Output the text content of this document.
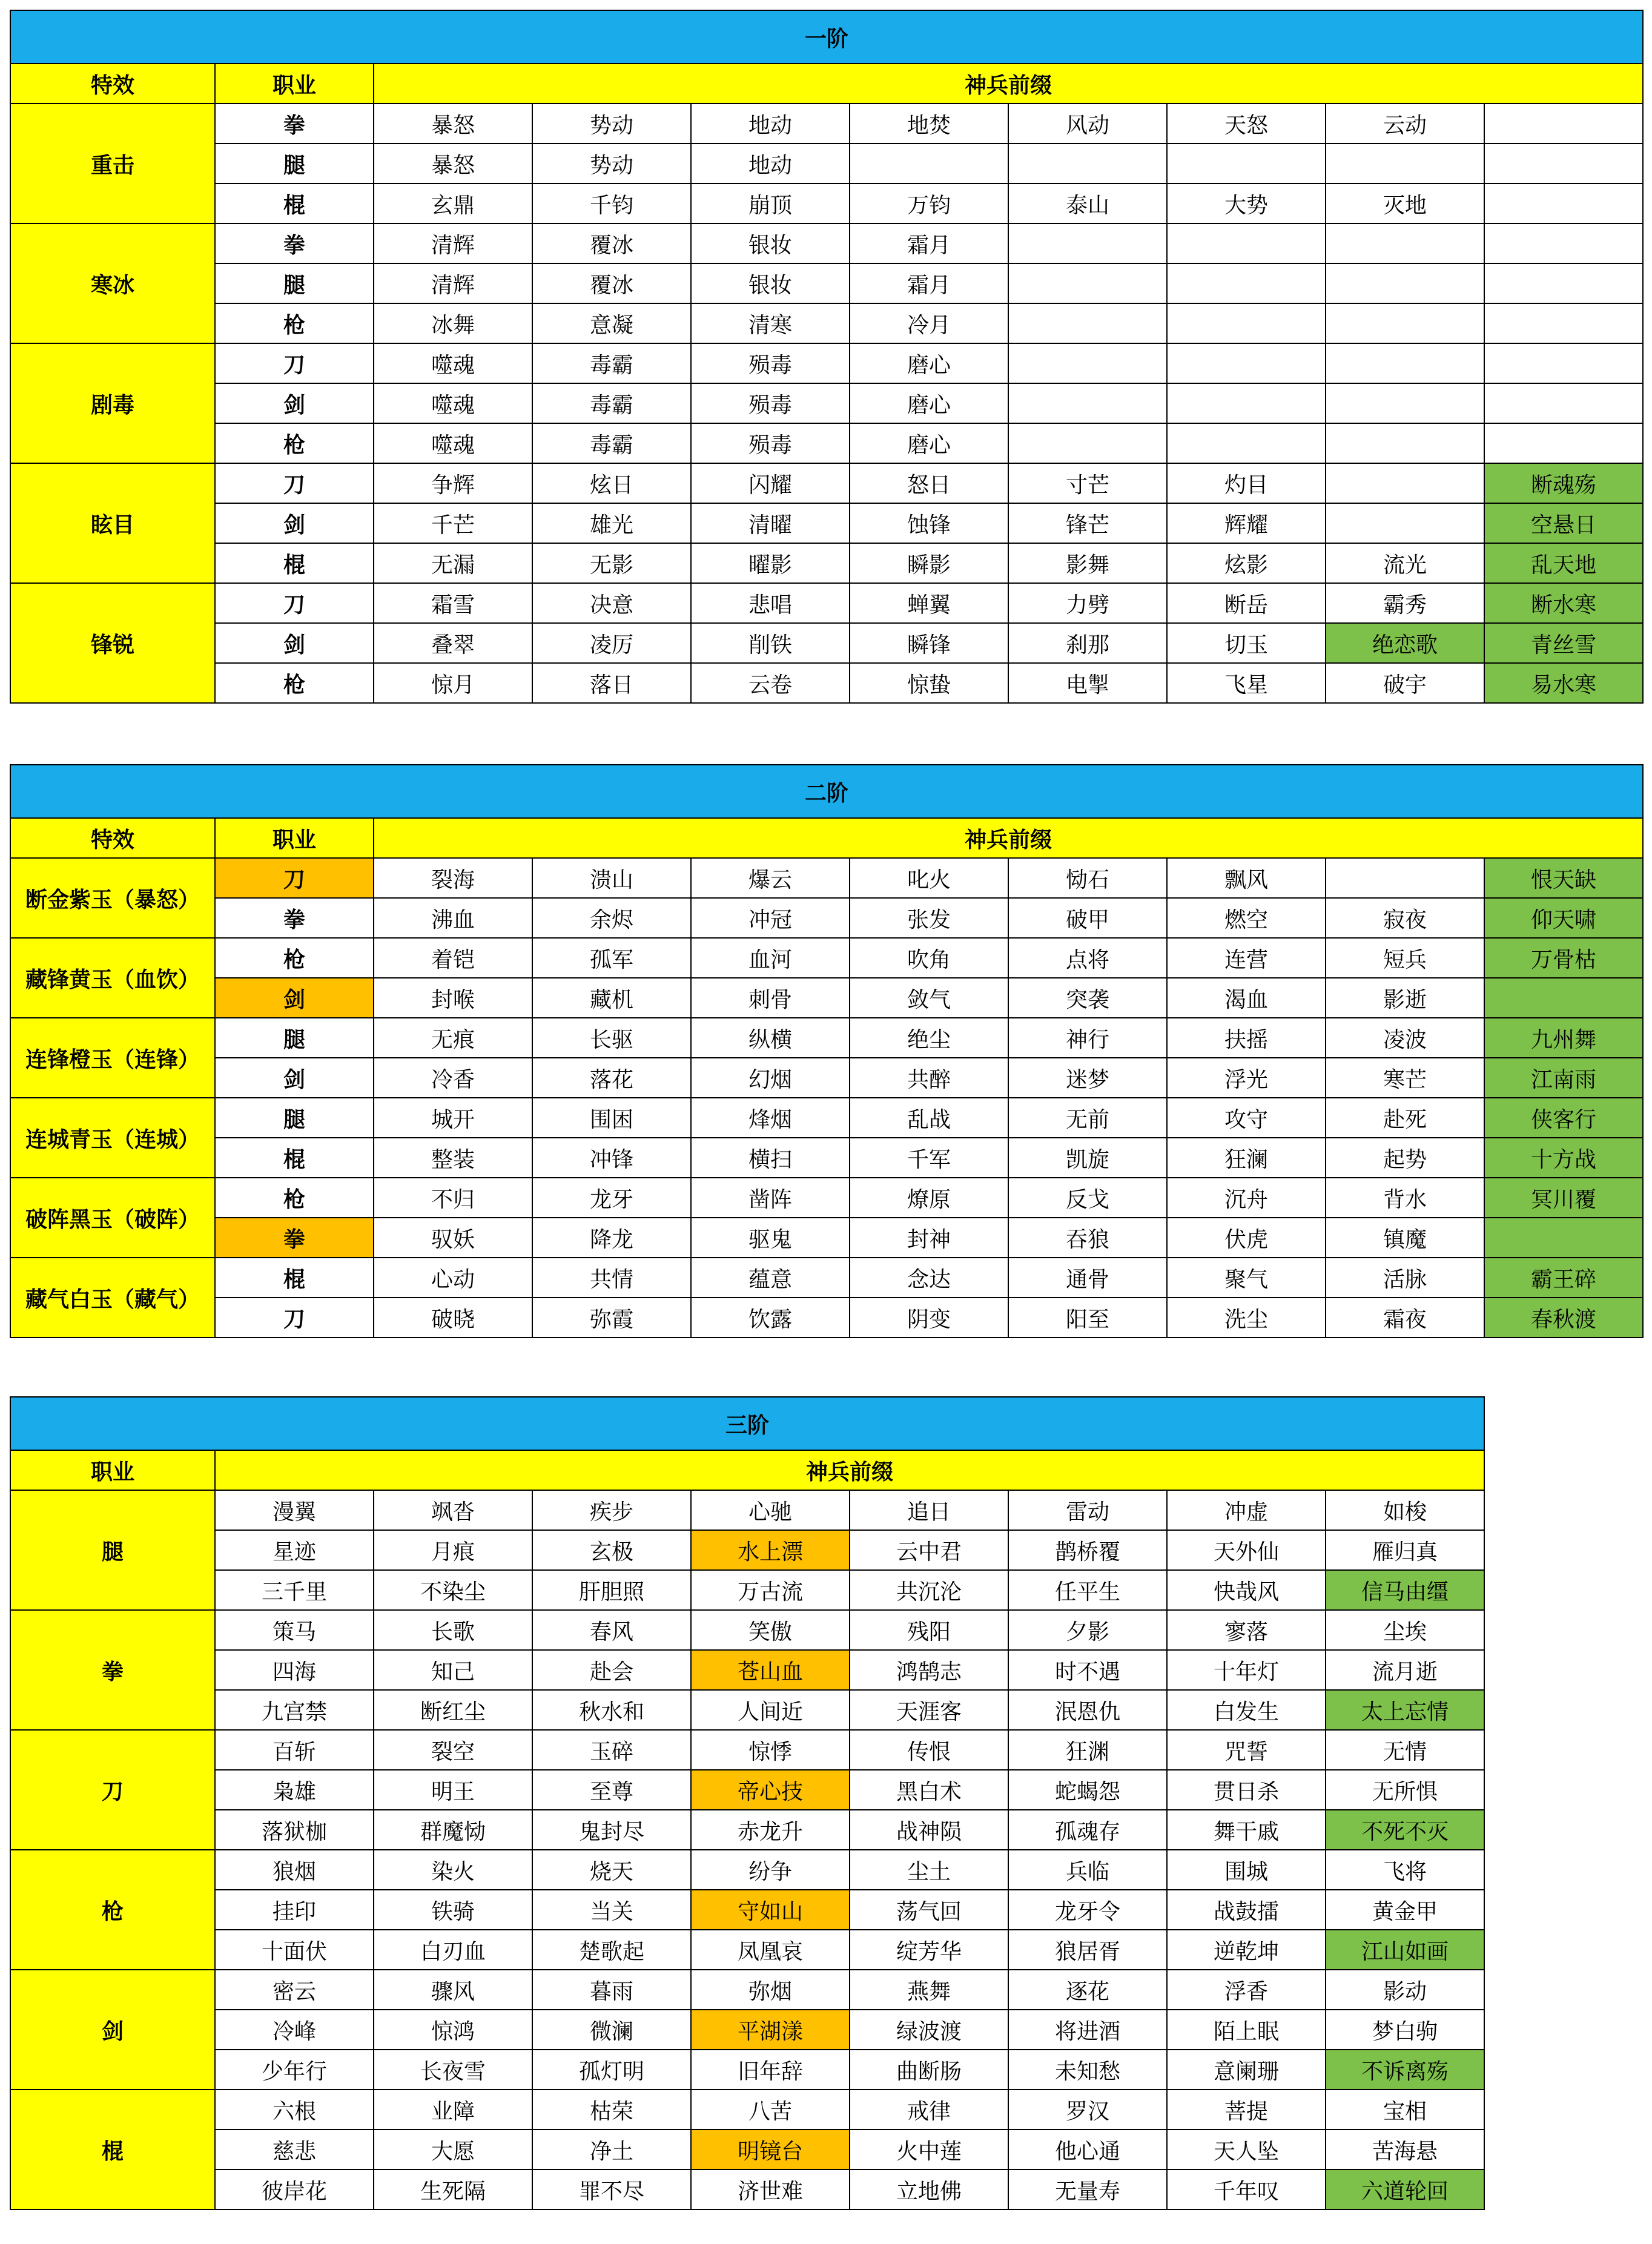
一阶									
特效	职业	神兵前缀							
重击	拳	暴怒	势动	地动	地焚	风动	天怒	云动	
	腿	暴怒	势动	地动					
	棍	玄鼎	千钧	崩顶	万钧	泰山	大势	灭地	
寒冰	拳	清辉	覆冰	银妆	霜月				
	腿	清辉	覆冰	银妆	霜月				
	枪	冰舞	意凝	清寒	冷月				
剧毒	刀	噬魂	毒霸	殒毒	磨心				
	剑	噬魂	毒霸	殒毒	磨心				
	枪	噬魂	毒霸	殒毒	磨心				
眩目	刀	争辉	炫日	闪耀	怒日	寸芒	灼目		断魂殇
	剑	千芒	雄光	清曜	蚀锋	锋芒	辉耀		空悬日
	棍	无漏	无影	曜影	瞬影	影舞	炫影	流光	乱天地
锋锐	刀	霜雪	决意	悲唱	蝉翼	力劈	断岳	霸秀	断水寒
	剑	叠翠	凌厉	削铁	瞬锋	刹那	切玉	绝恋歌	青丝雪
	枪	惊月	落日	云卷	惊蛰	电掣	飞星	破宇	易水寒
二阶									
特效	职业	神兵前缀							
断金紫玉（暴怒）	刀	裂海	溃山	爆云	叱火	恸石	飘风		恨天缺
	拳	沸血	余烬	冲冠	张发	破甲	燃空	寂夜	仰天啸
藏锋黄玉（血饮）	枪	着铠	孤军	血河	吹角	点将	连营	短兵	万骨枯
	剑	封喉	藏机	刺骨	敛气	突袭	渴血	影逝	
连锋橙玉（连锋）	腿	无痕	长驱	纵横	绝尘	神行	扶摇	凌波	九州舞
	剑	冷香	落花	幻烟	共醉	迷梦	浮光	寒芒	江南雨
连城青玉（连城）	腿	城开	围困	烽烟	乱战	无前	攻守	赴死	侠客行
	棍	整装	冲锋	横扫	千军	凯旋	狂澜	起势	十方战
破阵黑玉（破阵）	枪	不归	龙牙	凿阵	燎原	反戈	沉舟	背水	冥川覆
	拳	驭妖	降龙	驱鬼	封神	吞狼	伏虎	镇魔	
藏气白玉（藏气）	棍	心动	共情	蕴意	念达	通骨	聚气	活脉	霸王碎
	刀	破晓	弥霞	饮露	阴变	阳至	洗尘	霜夜	春秋渡
三阶								
职业	神兵前缀							
腿	漫翼	飒沓	疾步	心驰	追日	雷动	冲虚	如梭
	星迹	月痕	玄极	水上漂	云中君	鹊桥覆	天外仙	雁归真
	三千里	不染尘	肝胆照	万古流	共沉沦	任平生	快哉风	信马由缰
拳	策马	长歌	春风	笑傲	残阳	夕影	寥落	尘埃
	四海	知己	赴会	苍山血	鸿鹄志	时不遇	十年灯	流月逝
	九宫禁	断红尘	秋水和	人间近	天涯客	泯恩仇	白发生	太上忘情
刀	百斩	裂空	玉碎	惊悸	传恨	狂渊	咒誓	无情
	枭雄	明王	至尊	帝心技	黑白术	蛇蝎怨	贯日杀	无所惧
	落狱枷	群魔恸	鬼封尽	赤龙升	战神陨	孤魂存	舞干戚	不死不灭
枪	狼烟	染火	烧天	纷争	尘土	兵临	围城	飞将
	挂印	铁骑	当关	守如山	荡气回	龙牙令	战鼓擂	黄金甲
	十面伏	白刃血	楚歌起	凤凰哀	绽芳华	狼居胥	逆乾坤	江山如画
剑	密云	骤风	暮雨	弥烟	燕舞	逐花	浮香	影动
	冷峰	惊鸿	微澜	平湖漾	绿波渡	将进酒	陌上眠	梦白驹
	少年行	长夜雪	孤灯明	旧年辞	曲断肠	未知愁	意阑珊	不诉离殇
棍	六根	业障	枯荣	八苦	戒律	罗汉	菩提	宝相
	慈悲	大愿	净土	明镜台	火中莲	他心通	天人坠	苦海悬
	彼岸花	生死隔	罪不尽	济世难	立地佛	无量寿	千年叹	六道轮回
